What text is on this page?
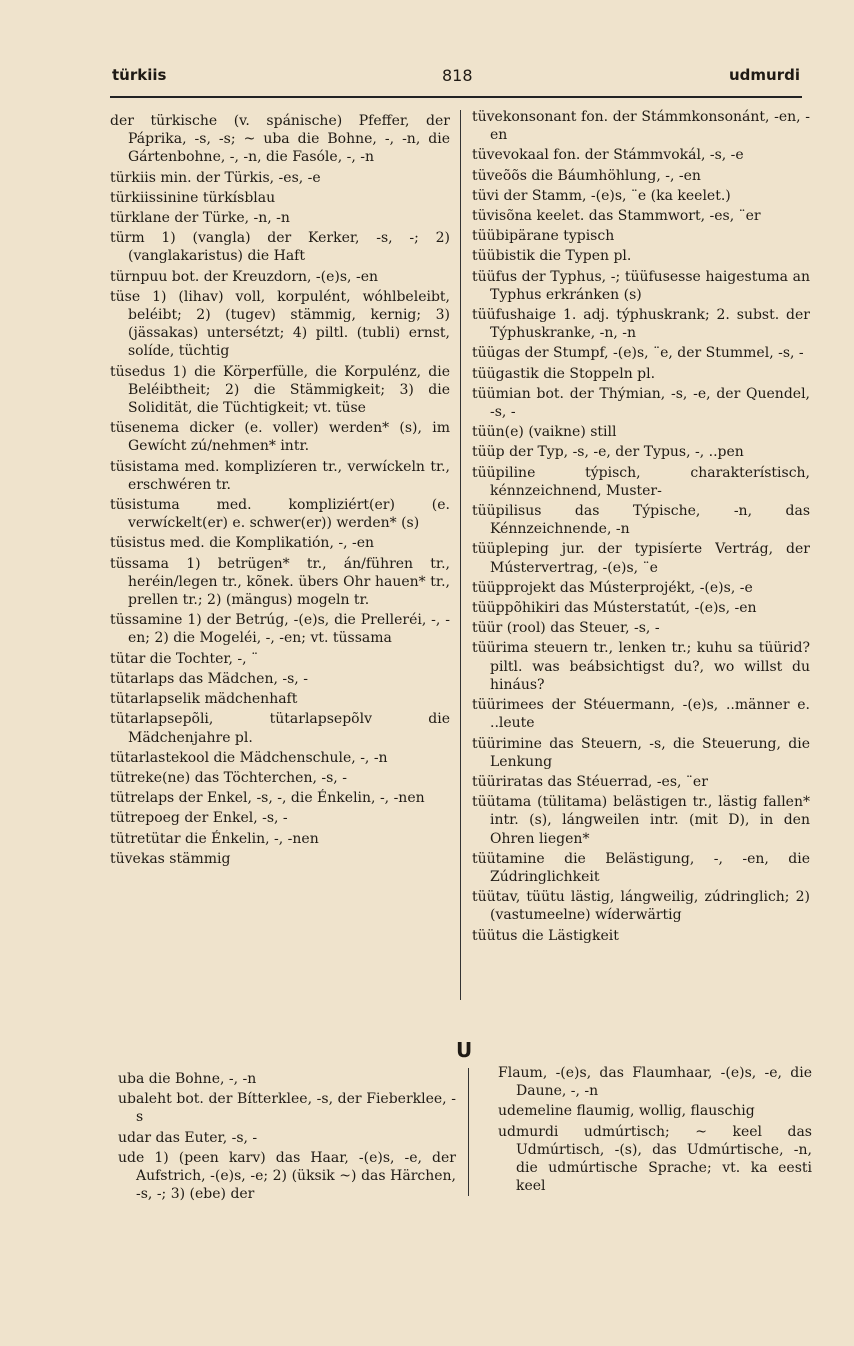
türkiis	818	udmurdi

der türkische (v. spánische) Pfeffer, der Páprika, -s, -s; ~ uba die Bohne, -, -n, die Gártenbohne, -, -n, die Fasóle, -, -n

türkiis min. der Türkis, -es, -e

türkiissinine türkísblau

türklane der Türke, -n, -n

türm 1) (vangla) der Kerker, -s, -; 2) (vanglakaristus) die Haft

türnpuu bot. der Kreuzdorn, -(e)s, -en

tüse 1) (lihav) voll, korpulént, wóhlbeleibt, beléibt; 2) (tugev) stämmig, kernig; 3) (jässakas) untersétzt; 4) piltl. (tubli) ernst, solíde, tüchtig

tüsedus 1) die Körperfülle, die Korpulénz, die Beléibtheit; 2) die Stämmigkeit; 3) die Solidität, die Tüchtigkeit; vt. tüse

tüsenema dicker (e. voller) werden* (s), im Gewícht zú/nehmen* intr.

tüsistama med. komplizíeren tr., verwíckeln tr., erschwéren tr.

tüsistuma med. kompliziért(er) (e. verwíckelt(er) e. schwer(er)) werden* (s)

tüsistus med. die Komplikatión, -, -en

tüssama 1) betrügen* tr., án/führen tr., heréin/legen tr., kõnek. übers Ohr hauen* tr., prellen tr.; 2) (mängus) mogeln tr.

tüssamine 1) der Betrúg, -(e)s, die Prelleréi, -, -en; 2) die Mogeléi, -, -en; vt. tüssama

tütar die Tochter, -, ¨

tütarlaps das Mädchen, -s, -

tütarlapselik mädchenhaft

tütarlapsepõli, tütarlapsepõlv die Mädchenjahre pl.

tütarlastekool die Mädchenschule, -, -n

tütreke(ne) das Töchterchen, -s, -

tütrelaps der Enkel, -s, -, die Énkelin, -, -nen

tütrepoeg der Enkel, -s, -

tütretütar die Énkelin, -, -nen

tüvekas stämmig

tüvekonsonant fon. der Stámmkonsonánt, -en, -en

tüvevokaal fon. der Stámmvokál, -s, -e

tüveõõs die Báumhöhlung, -, -en

tüvi der Stamm, -(e)s, ¨e (ka keelet.)

tüvisõna keelet. das Stammwort, -es, ¨er

tüübipärane typisch

tüübistik die Typen pl.

tüüfus der Typhus, -; tüüfusesse haigestuma an Typhus erkránken (s)

tüüfushaige 1. adj. týphuskrank; 2. subst. der Týphuskranke, -n, -n

tüügas der Stumpf, -(e)s, ¨e, der Stummel, -s, -

tüügastik die Stoppeln pl.

tüümian bot. der Thýmian, -s, -e, der Quendel, -s, -

tüün(e) (vaikne) still

tüüp der Typ, -s, -e, der Typus, -, ..pen

tüüpiline týpisch, charakterístisch, kénnzeichnend, Muster-

tüüpilisus das Týpische, -n, das Kénnzeichnende, -n

tüüpleping jur. der typisíerte Vertrág, der Mústervertrag, -(e)s, ¨e

tüüpprojekt das Músterprojékt, -(e)s, -e

tüüppõhikiri das Músterstatút, -(e)s, -en

tüür (rool) das Steuer, -s, -

tüürima steuern tr., lenken tr.; kuhu sa tüürid? piltl. was beábsichtigst du?, wo willst du hináus?

tüürimees der Stéuermann, -(e)s, ..männer e. ..leute

tüürimine das Steuern, -s, die Steuerung, die Lenkung

tüüriratas das Stéuerrad, -es, ¨er

tüütama (tülitama) belästigen tr., lästig fallen* intr. (s), lángweilen intr. (mit D), in den Ohren liegen*

tüütamine die Belästigung, -, -en, die Zúdringlichkeit

tüütav, tüütu lästig, lángweilig, zúdringlich; 2) (vastumeelne) wíderwärtig

tüütus die Lästigkeit

U

uba die Bohne, -, -n

ubaleht bot. der Bítterklee, -s, der Fieberklee, -s

udar das Euter, -s, -

ude 1) (peen karv) das Haar, -(e)s, -e, der Aufstrich, -(e)s, -e; 2) (üksik ~) das Härchen, -s, -; 3) (ebe) der

Flaum, -(e)s, das Flaumhaar, -(e)s, -e, die Daune, -, -n

udemeline flaumig, wollig, flauschig

udmurdi udmúrtisch; ~ keel das Udmúrtisch, -(s), das Udmúrtische, -n, die udmúrtische Sprache; vt. ka eesti keel
